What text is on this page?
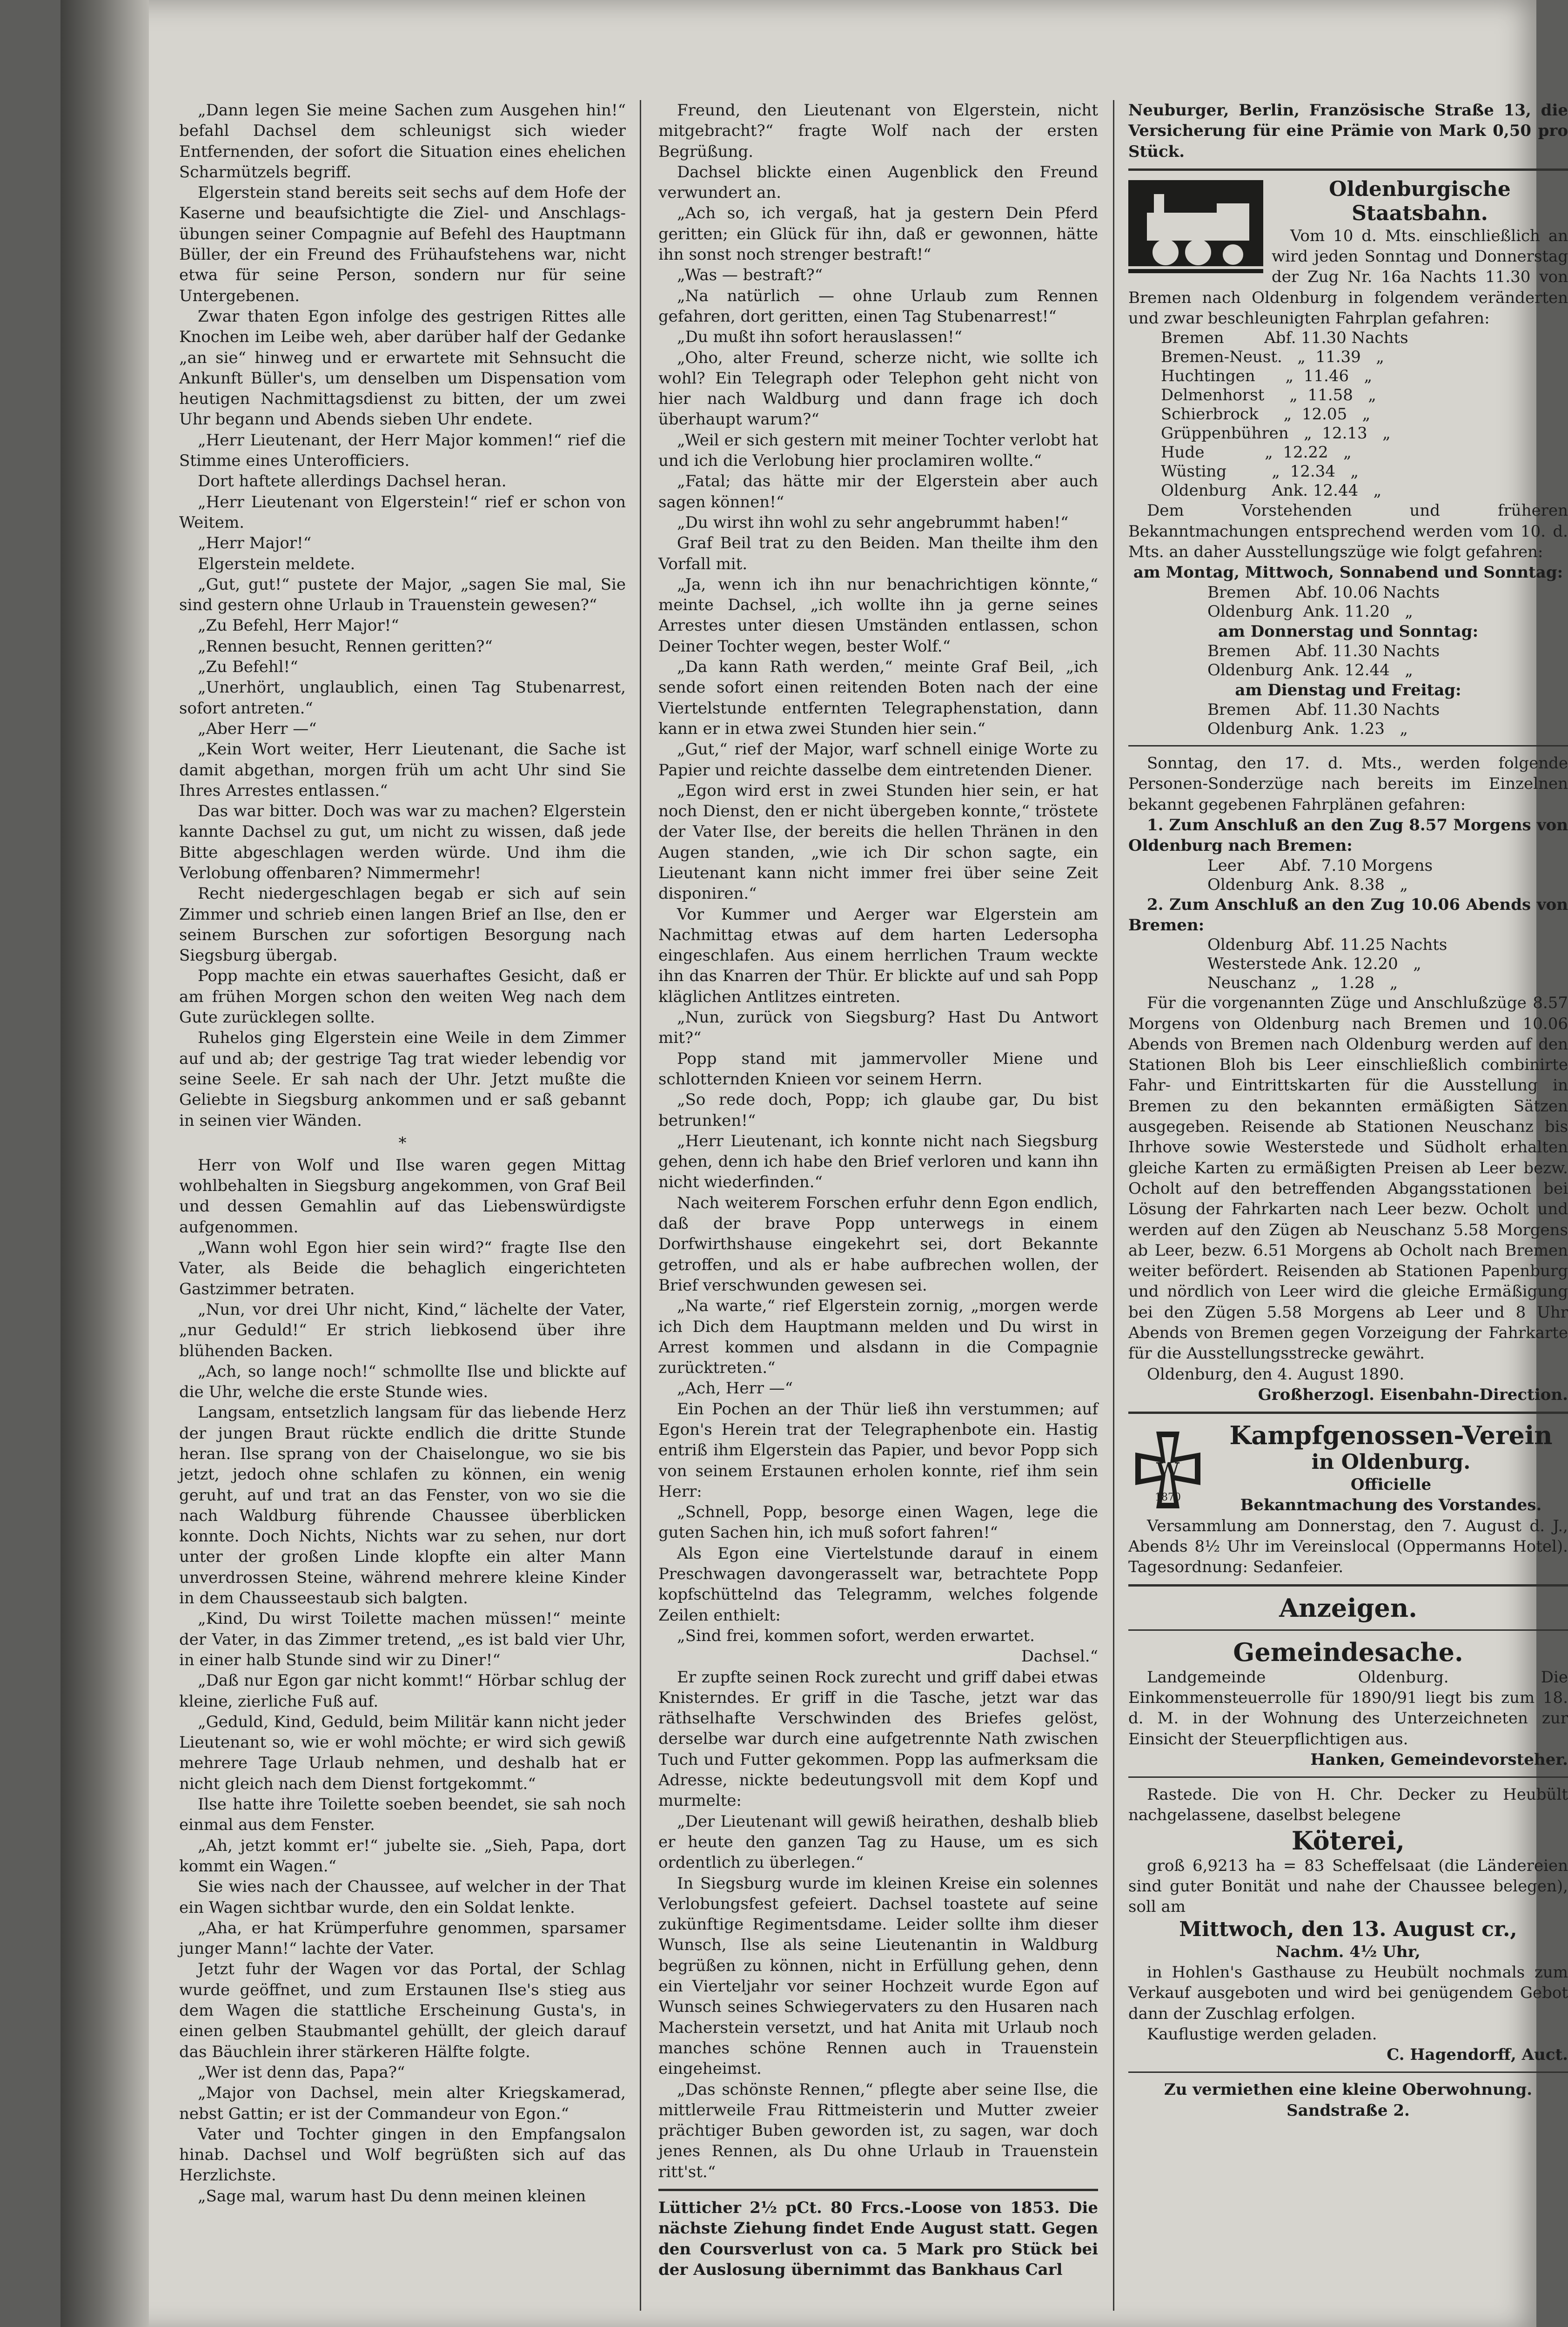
„Dann legen Sie meine Sachen zum Ausgehen hin!“ befahl Dachsel dem schleunigst sich wieder Entfernenden, der sofort die Situation eines ehelichen Scharmützels begriff.

Elgerstein stand bereits seit sechs auf dem Hofe der Kaserne und beaufsichtigte die Ziel- und Anschlags-übungen seiner Compagnie auf Befehl des Hauptmann Büller, der ein Freund des Frühaufstehens war, nicht etwa für seine Person, sondern nur für seine Untergebenen.

Zwar thaten Egon infolge des gestrigen Rittes alle Knochen im Leibe weh, aber darüber half der Gedanke „an sie“ hinweg und er erwartete mit Sehnsucht die Ankunft Büller's, um denselben um Dispensation vom heutigen Nachmittagsdienst zu bitten, der um zwei Uhr begann und Abends sieben Uhr endete.

„Herr Lieutenant, der Herr Major kommen!“ rief die Stimme eines Unterofficiers.

Dort haftete allerdings Dachsel heran.

„Herr Lieutenant von Elgerstein!“ rief er schon von Weitem.

„Herr Major!“

Elgerstein meldete.

„Gut, gut!“ pustete der Major, „sagen Sie mal, Sie sind gestern ohne Urlaub in Trauenstein gewesen?“

„Zu Befehl, Herr Major!“

„Rennen besucht, Rennen geritten?“

„Zu Befehl!“

„Unerhört, unglaublich, einen Tag Stubenarrest, sofort antreten.“

„Aber Herr —“

„Kein Wort weiter, Herr Lieutenant, die Sache ist damit abgethan, morgen früh um acht Uhr sind Sie Ihres Arrestes entlassen.“

Das war bitter. Doch was war zu machen? Elgerstein kannte Dachsel zu gut, um nicht zu wissen, daß jede Bitte abgeschlagen werden würde. Und ihm die Verlobung offenbaren? Nimmermehr!

Recht niedergeschlagen begab er sich auf sein Zimmer und schrieb einen langen Brief an Ilse, den er seinem Burschen zur sofortigen Besorgung nach Siegsburg übergab.

Popp machte ein etwas sauerhaftes Gesicht, daß er am frühen Morgen schon den weiten Weg nach dem Gute zurücklegen sollte.

Ruhelos ging Elgerstein eine Weile in dem Zimmer auf und ab; der gestrige Tag trat wieder lebendig vor seine Seele. Er sah nach der Uhr. Jetzt mußte die Geliebte in Siegsburg ankommen und er saß gebannt in seinen vier Wänden.

*

Herr von Wolf und Ilse waren gegen Mittag wohlbehalten in Siegsburg angekommen, von Graf Beil und dessen Gemahlin auf das Liebenswürdigste aufgenommen.

„Wann wohl Egon hier sein wird?“ fragte Ilse den Vater, als Beide die behaglich eingerichteten Gastzimmer betraten.

„Nun, vor drei Uhr nicht, Kind,“ lächelte der Vater, „nur Geduld!“ Er strich liebkosend über ihre blühenden Backen.

„Ach, so lange noch!“ schmollte Ilse und blickte auf die Uhr, welche die erste Stunde wies.

Langsam, entsetzlich langsam für das liebende Herz der jungen Braut rückte endlich die dritte Stunde heran. Ilse sprang von der Chaiselongue, wo sie bis jetzt, jedoch ohne schlafen zu können, ein wenig geruht, auf und trat an das Fenster, von wo sie die nach Waldburg führende Chaussee überblicken konnte. Doch Nichts, Nichts war zu sehen, nur dort unter der großen Linde klopfte ein alter Mann unverdrossen Steine, während mehrere kleine Kinder in dem Chausseestaub sich balgten.

„Kind, Du wirst Toilette machen müssen!“ meinte der Vater, in das Zimmer tretend, „es ist bald vier Uhr, in einer halb Stunde sind wir zu Diner!“

„Daß nur Egon gar nicht kommt!“ Hörbar schlug der kleine, zierliche Fuß auf.

„Geduld, Kind, Geduld, beim Militär kann nicht jeder Lieutenant so, wie er wohl möchte; er wird sich gewiß mehrere Tage Urlaub nehmen, und deshalb hat er nicht gleich nach dem Dienst fortgekommt.“

Ilse hatte ihre Toilette soeben beendet, sie sah noch einmal aus dem Fenster.

„Ah, jetzt kommt er!“ jubelte sie. „Sieh, Papa, dort kommt ein Wagen.“

Sie wies nach der Chaussee, auf welcher in der That ein Wagen sichtbar wurde, den ein Soldat lenkte.

„Aha, er hat Krümperfuhre genommen, sparsamer junger Mann!“ lachte der Vater.

Jetzt fuhr der Wagen vor das Portal, der Schlag wurde geöffnet, und zum Erstaunen Ilse's stieg aus dem Wagen die stattliche Erscheinung Gusta's, in einen gelben Staubmantel gehüllt, der gleich darauf das Bäuchlein ihrer stärkeren Hälfte folgte.

„Wer ist denn das, Papa?“

„Major von Dachsel, mein alter Kriegskamerad, nebst Gattin; er ist der Commandeur von Egon.“

Vater und Tochter gingen in den Empfangsalon hinab. Dachsel und Wolf begrüßten sich auf das Herzlichste.

„Sage mal, warum hast Du denn meinen kleinen

Freund, den Lieutenant von Elgerstein, nicht mitgebracht?“ fragte Wolf nach der ersten Begrüßung.

Dachsel blickte einen Augenblick den Freund verwundert an.

„Ach so, ich vergaß, hat ja gestern Dein Pferd geritten; ein Glück für ihn, daß er gewonnen, hätte ihn sonst noch strenger bestraft!“

„Was — bestraft?“

„Na natürlich — ohne Urlaub zum Rennen gefahren, dort geritten, einen Tag Stubenarrest!“

„Du mußt ihn sofort herauslassen!“

„Oho, alter Freund, scherze nicht, wie sollte ich wohl? Ein Telegraph oder Telephon geht nicht von hier nach Waldburg und dann frage ich doch überhaupt warum?“

„Weil er sich gestern mit meiner Tochter verlobt hat und ich die Verlobung hier proclamiren wollte.“

„Fatal; das hätte mir der Elgerstein aber auch sagen können!“

„Du wirst ihn wohl zu sehr angebrummt haben!“

Graf Beil trat zu den Beiden. Man theilte ihm den Vorfall mit.

„Ja, wenn ich ihn nur benachrichtigen könnte,“ meinte Dachsel, „ich wollte ihn ja gerne seines Arrestes unter diesen Umständen entlassen, schon Deiner Tochter wegen, bester Wolf.“

„Da kann Rath werden,“ meinte Graf Beil, „ich sende sofort einen reitenden Boten nach der eine Viertelstunde entfernten Telegraphenstation, dann kann er in etwa zwei Stunden hier sein.“

„Gut,“ rief der Major, warf schnell einige Worte zu Papier und reichte dasselbe dem eintretenden Diener.

„Egon wird erst in zwei Stunden hier sein, er hat noch Dienst, den er nicht übergeben konnte,“ tröstete der Vater Ilse, der bereits die hellen Thränen in den Augen standen, „wie ich Dir schon sagte, ein Lieutenant kann nicht immer frei über seine Zeit disponiren.“

Vor Kummer und Aerger war Elgerstein am Nachmittag etwas auf dem harten Ledersopha eingeschlafen. Aus einem herrlichen Traum weckte ihn das Knarren der Thür. Er blickte auf und sah Popp kläglichen Antlitzes eintreten.

„Nun, zurück von Siegsburg? Hast Du Antwort mit?“

Popp stand mit jammervoller Miene und schlotternden Knieen vor seinem Herrn.

„So rede doch, Popp; ich glaube gar, Du bist betrunken!“

„Herr Lieutenant, ich konnte nicht nach Siegsburg gehen, denn ich habe den Brief verloren und kann ihn nicht wiederfinden.“

Nach weiterem Forschen erfuhr denn Egon endlich, daß der brave Popp unterwegs in einem Dorfwirthshause eingekehrt sei, dort Bekannte getroffen, und als er habe aufbrechen wollen, der Brief verschwunden gewesen sei.

„Na warte,“ rief Elgerstein zornig, „morgen werde ich Dich dem Hauptmann melden und Du wirst in Arrest kommen und alsdann in die Compagnie zurücktreten.“

„Ach, Herr —“

Ein Pochen an der Thür ließ ihn verstummen; auf Egon's Herein trat der Telegraphenbote ein. Hastig entriß ihm Elgerstein das Papier, und bevor Popp sich von seinem Erstaunen erholen konnte, rief ihm sein Herr:

„Schnell, Popp, besorge einen Wagen, lege die guten Sachen hin, ich muß sofort fahren!“

Als Egon eine Viertelstunde darauf in einem Preschwagen davongerasselt war, betrachtete Popp kopfschüttelnd das Telegramm, welches folgende Zeilen enthielt:

„Sind frei, kommen sofort, werden erwartet.

Dachsel.“

Er zupfte seinen Rock zurecht und griff dabei etwas Knisterndes. Er griff in die Tasche, jetzt war das räthselhafte Verschwinden des Briefes gelöst, derselbe war durch eine aufgetrennte Nath zwischen Tuch und Futter gekommen. Popp las aufmerksam die Adresse, nickte bedeutungsvoll mit dem Kopf und murmelte:

„Der Lieutenant will gewiß heirathen, deshalb blieb er heute den ganzen Tag zu Hause, um es sich ordentlich zu überlegen.“

In Siegsburg wurde im kleinen Kreise ein solennes Verlobungsfest gefeiert. Dachsel toastete auf seine zukünftige Regimentsdame. Leider sollte ihm dieser Wunsch, Ilse als seine Lieutenantin in Waldburg begrüßen zu können, nicht in Erfüllung gehen, denn ein Vierteljahr vor seiner Hochzeit wurde Egon auf Wunsch seines Schwiegervaters zu den Husaren nach Macherstein versetzt, und hat Anita mit Urlaub noch manches schöne Rennen auch in Trauenstein eingeheimst.

„Das schönste Rennen,“ pflegte aber seine Ilse, die mittlerweile Frau Rittmeisterin und Mutter zweier prächtiger Buben geworden ist, zu sagen, war doch jenes Rennen, als Du ohne Urlaub in Trauenstein ritt'st.“

Lütticher 2½ pCt. 80 Frcs.-Loose von 1853. Die nächste Ziehung findet Ende August statt. Gegen den Coursverlust von ca. 5 Mark pro Stück bei der Auslosung übernimmt das Bankhaus Carl

Neuburger, Berlin, Französische Straße 13, die Versicherung für eine Prämie von Mark 0,50 pro Stück.

Oldenburgische Staatsbahn.

Vom 10 d. Mts. einschließlich an wird jeden Sonntag und Donnerstag der Zug Nr. 16a Nachts 11.30 von Bremen nach Oldenburg in folgendem veränderten und zwar beschleunigten Fahrplan gefahren:

Bremen        Abf. 11.30 Nachts
Bremen-Neust.   „  11.39   „
Huchtingen      „  11.46   „
Delmenhorst     „  11.58   „
Schierbrock     „  12.05   „
Grüppenbühren   „  12.13   „
Hude            „  12.22   „
Wüsting         „  12.34   „
Oldenburg     Ank. 12.44   „

Dem Vorstehenden und früheren Bekanntmachungen entsprechend werden vom 10. d. Mts. an daher Ausstellungszüge wie folgt gefahren:

am Montag, Mittwoch, Sonnabend und Sonntag:
Bremen     Abf. 10.06 Nachts
Oldenburg  Ank. 11.20   „
am Donnerstag und Sonntag:
Bremen     Abf. 11.30 Nachts
Oldenburg  Ank. 12.44   „
am Dienstag und Freitag:
Bremen     Abf. 11.30 Nachts
Oldenburg  Ank.  1.23   „

Sonntag, den 17. d. Mts., werden folgende Personen-Sonderzüge nach bereits im Einzelnen bekannt gegebenen Fahrplänen gefahren:

1. Zum Anschluß an den Zug 8.57 Morgens von Oldenburg nach Bremen:

Leer       Abf.  7.10 Morgens
Oldenburg  Ank.  8.38   „

2. Zum Anschluß an den Zug 10.06 Abends von Bremen:

Oldenburg  Abf. 11.25 Nachts
Westerstede Ank. 12.20   „
Neuschanz   „    1.28   „

Für die vorgenannten Züge und Anschlußzüge 8.57 Morgens von Oldenburg nach Bremen und 10.06 Abends von Bremen nach Oldenburg werden auf den Stationen Bloh bis Leer einschließlich combinirte Fahr- und Eintrittskarten für die Ausstellung in Bremen zu den bekannten ermäßigten Sätzen ausgegeben. Reisende ab Stationen Neuschanz bis Ihrhove sowie Westerstede und Südholt erhalten gleiche Karten zu ermäßigten Preisen ab Leer bezw. Ocholt auf den betreffenden Abgangsstationen bei Lösung der Fahrkarten nach Leer bezw. Ocholt und werden auf den Zügen ab Neuschanz 5.58 Morgens ab Leer, bezw. 6.51 Morgens ab Ocholt nach Bremen weiter befördert. Reisenden ab Stationen Papenburg und nördlich von Leer wird die gleiche Ermäßigung bei den Zügen 5.58 Morgens ab Leer und 8 Uhr Abends von Bremen gegen Vorzeigung der Fahrkarte für die Ausstellungsstrecke gewährt.

Oldenburg, den 4. August 1890.

Großherzogl. Eisenbahn-Direction.

W
1870
Kampfgenossen-Verein
in Oldenburg.
Officielle
Bekanntmachung des Vorstandes.

Versammlung am Donnerstag, den 7. August d. J., Abends 8½ Uhr im Vereinslocal (Oppermanns Hotel). Tagesordnung: Sedanfeier.

Anzeigen.
Gemeindesache.

Landgemeinde Oldenburg. Die Einkommensteuerrolle für 1890/91 liegt bis zum 18. d. M. in der Wohnung des Unterzeichneten zur Einsicht der Steuerpflichtigen aus.

Hanken, Gemeindevorsteher.

Rastede. Die von H. Chr. Decker zu Heubült nachgelassene, daselbst belegene

Köterei,

groß 6,9213 ha = 83 Scheffelsaat (die Ländereien sind guter Bonität und nahe der Chaussee belegen), soll am

Mittwoch, den 13. August cr.,
Nachm. 4½ Uhr,

in Hohlen's Gasthause zu Heubült nochmals zum Verkauf ausgeboten und wird bei genügendem Gebot dann der Zuschlag erfolgen.

Kauflustige werden geladen.

C. Hagendorff, Auct.

Zu vermiethen eine kleine Oberwohnung. Sandstraße 2.
